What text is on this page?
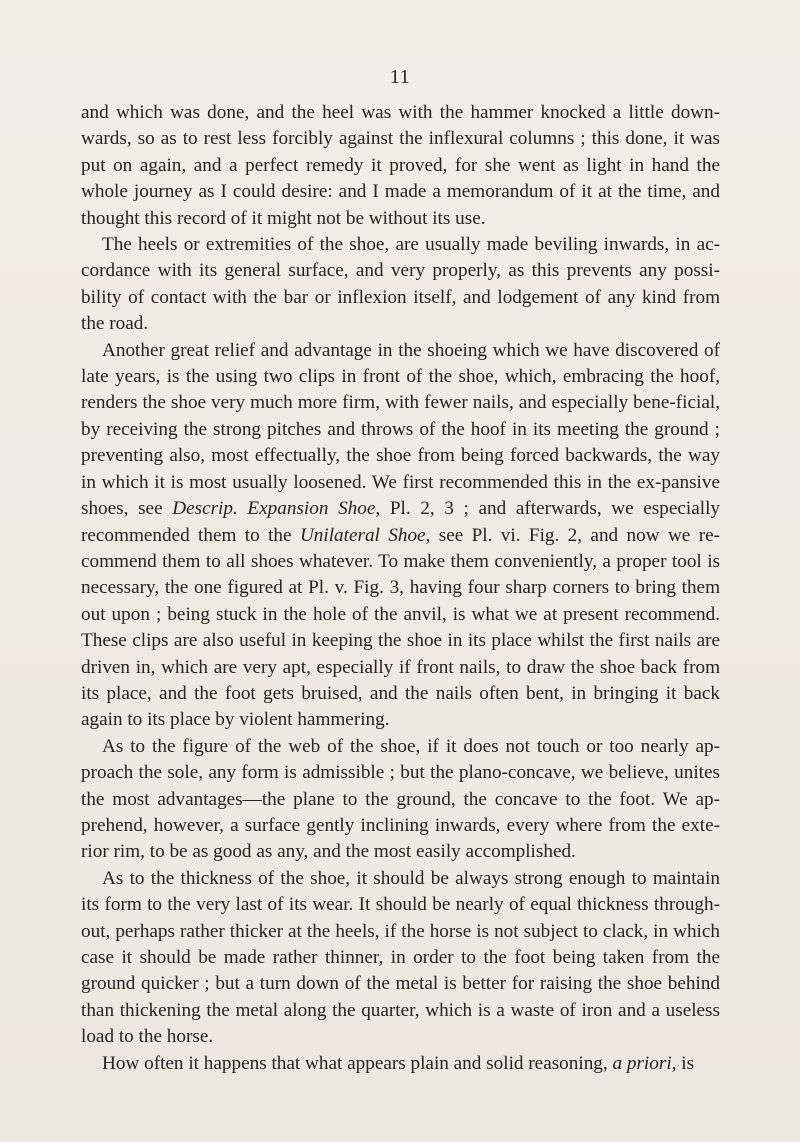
11

and which was done, and the heel was with the hammer knocked a little down-wards, so as to rest less forcibly against the inflexural columns ; this done, it was put on again, and a perfect remedy it proved, for she went as light in hand the whole journey as I could desire: and I made a memorandum of it at the time, and thought this record of it might not be without its use.

The heels or extremities of the shoe, are usually made beviling inwards, in ac-cordance with its general surface, and very properly, as this prevents any possi-bility of contact with the bar or inflexion itself, and lodgement of any kind from the road.

Another great relief and advantage in the shoeing which we have discovered of late years, is the using two clips in front of the shoe, which, embracing the hoof, renders the shoe very much more firm, with fewer nails, and especially bene-ficial, by receiving the strong pitches and throws of the hoof in its meeting the ground ; preventing also, most effectually, the shoe from being forced backwards, the way in which it is most usually loosened. We first recommended this in the ex-pansive shoes, see Descrip. Expansion Shoe, Pl. 2, 3 ; and afterwards, we especially recommended them to the Unilateral Shoe, see Pl. vi. Fig. 2, and now we re-commend them to all shoes whatever. To make them conveniently, a proper tool is necessary, the one figured at Pl. v. Fig. 3, having four sharp corners to bring them out upon ; being stuck in the hole of the anvil, is what we at present recommend. These clips are also useful in keeping the shoe in its place whilst the first nails are driven in, which are very apt, especially if front nails, to draw the shoe back from its place, and the foot gets bruised, and the nails often bent, in bringing it back again to its place by violent hammering.

As to the figure of the web of the shoe, if it does not touch or too nearly ap-proach the sole, any form is admissible ; but the plano-concave, we believe, unites the most advantages—the plane to the ground, the concave to the foot. We ap-prehend, however, a surface gently inclining inwards, every where from the exte-rior rim, to be as good as any, and the most easily accomplished.

As to the thickness of the shoe, it should be always strong enough to maintain its form to the very last of its wear. It should be nearly of equal thickness through-out, perhaps rather thicker at the heels, if the horse is not subject to clack, in which case it should be made rather thinner, in order to the foot being taken from the ground quicker ; but a turn down of the metal is better for raising the shoe behind than thickening the metal along the quarter, which is a waste of iron and a useless load to the horse.

How often it happens that what appears plain and solid reasoning, a priori, is
